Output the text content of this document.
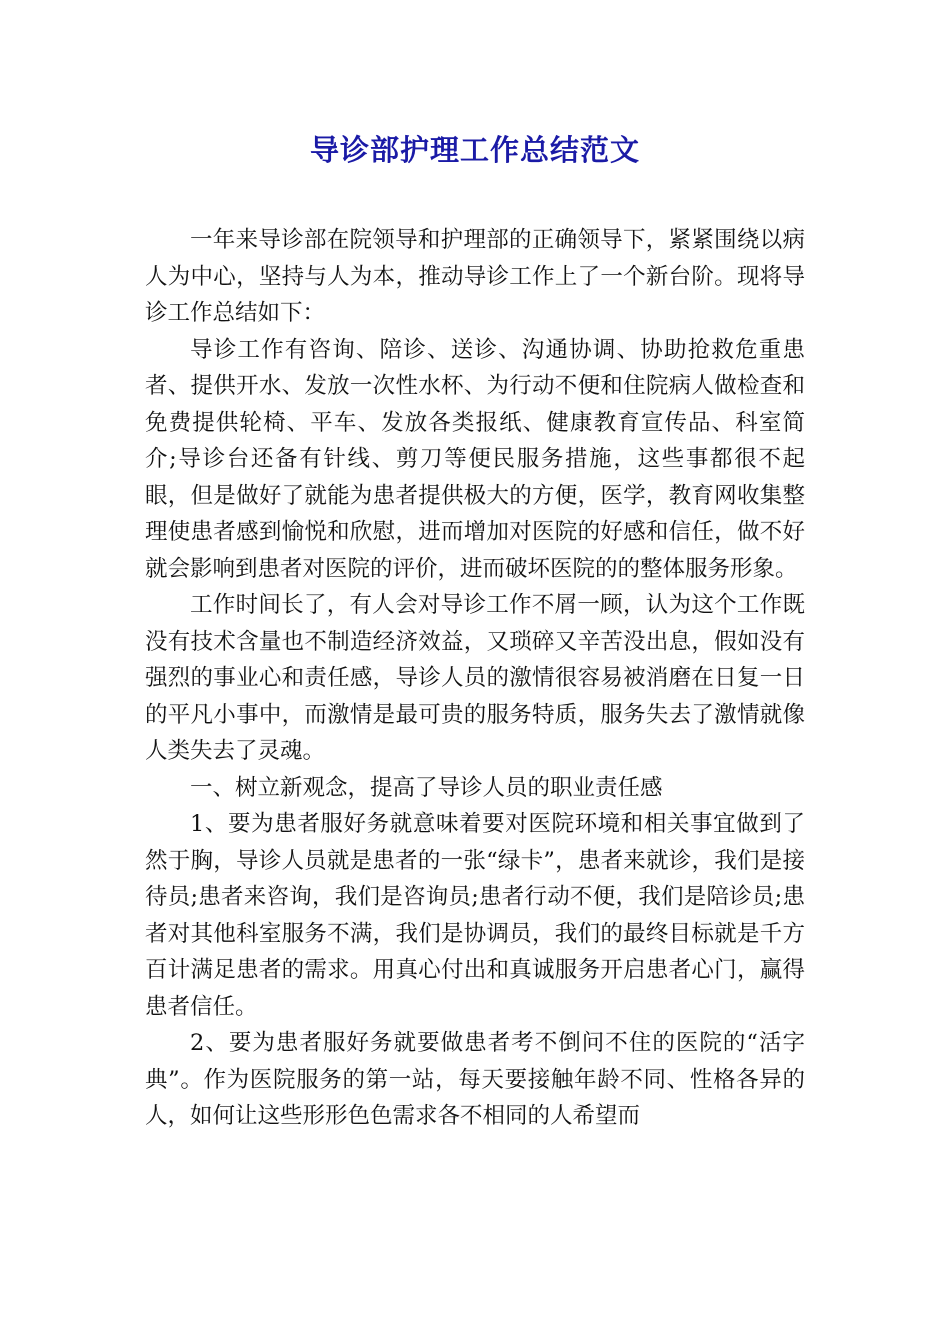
导诊部护理工作总结范文

一年来导诊部在院领导和护理部的正确领导下，紧紧围绕以病人为中心，坚持与人为本，推动导诊工作上了一个新台阶。现将导诊工作总结如下：

导诊工作有咨询、陪诊、送诊、沟通协调、协助抢救危重患者、提供开水、发放一次性水杯、为行动不便和住院病人做检查和免费提供轮椅、平车、发放各类报纸、健康教育宣传品、科室简介;导诊台还备有针线、剪刀等便民服务措施，这些事都很不起眼，但是做好了就能为患者提供极大的方便，医学，教育网收集整理使患者感到愉悦和欣慰，进而增加对医院的好感和信任，做不好就会影响到患者对医院的评价，进而破坏医院的的整体服务形象。

工作时间长了，有人会对导诊工作不屑一顾，认为这个工作既没有技术含量也不制造经济效益，又琐碎又辛苦没出息，假如没有强烈的事业心和责任感，导诊人员的激情很容易被消磨在日复一日的平凡小事中，而激情是最可贵的服务特质，服务失去了激情就像人类失去了灵魂。

一、树立新观念，提高了导诊人员的职业责任感

1、要为患者服好务就意味着要对医院环境和相关事宜做到了然于胸，导诊人员就是患者的一张“绿卡”，患者来就诊，我们是接待员;患者来咨询，我们是咨询员;患者行动不便，我们是陪诊员;患者对其他科室服务不满，我们是协调员，我们的最终目标就是千方百计满足患者的需求。用真心付出和真诚服务开启患者心门，赢得患者信任。

2、要为患者服好务就要做患者考不倒问不住的医院的“活字典”。作为医院服务的第一站，每天要接触年龄不同、性格各异的人，如何让这些形形色色需求各不相同的人希望而
